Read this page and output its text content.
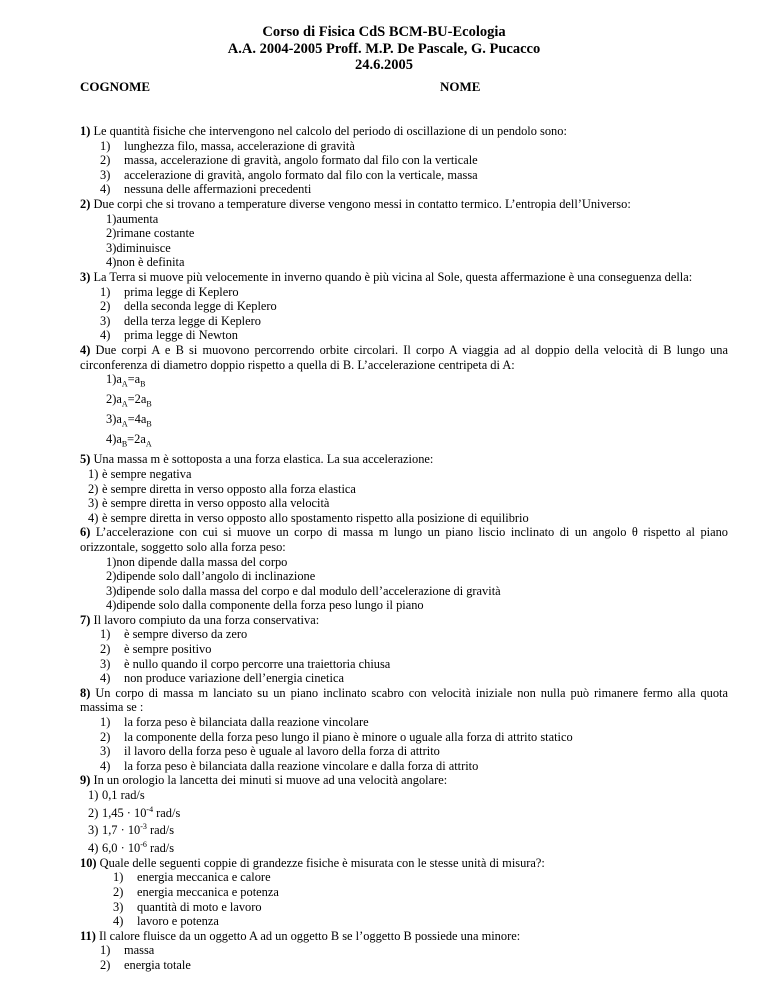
Corso di Fisica CdS BCM-BU-Ecologia
A.A. 2004-2005 Proff. M.P. De Pascale, G. Pucacco
24.6.2005
COGNOME	NOME
1) Le quantità fisiche che intervengono nel calcolo del periodo di oscillazione di un pendolo sono:
1) lunghezza filo, massa, accelerazione di gravità
2) massa, accelerazione di gravità, angolo formato dal filo con la verticale
3) accelerazione di gravità, angolo formato dal filo con la verticale, massa
4) nessuna delle affermazioni precedenti
2) Due corpi che si trovano a temperature diverse vengono messi in contatto termico. L’entropia dell’Universo:
1)aumenta
2)rimane costante
3)diminuisce
4)non è definita
3) La Terra si muove più velocemente in inverno quando è più vicina al Sole, questa affermazione è una conseguenza della:
1) prima legge di Keplero
2) della seconda legge di Keplero
3) della terza legge di Keplero
4) prima legge di Newton
4) Due corpi A e B si muovono percorrendo orbite circolari. Il corpo A viaggia ad al doppio della velocità di B lungo una circonferenza di diametro doppio rispetto a quella di B. L’accelerazione centripeta di A:
$1)a_A=a_B$
$2)a_A=2a_B$
$3)a_A=4a_B$
$4)a_B=2a_A$
5) Una massa m è sottoposta a una forza elastica. La sua accelerazione:
1) è sempre negativa
2) è sempre diretta in verso opposto alla forza elastica
3) è sempre diretta in verso opposto alla velocità
4) è sempre diretta in verso opposto allo spostamento rispetto alla posizione di equilibrio
6) L’accelerazione con cui si muove un corpo di massa m lungo un piano liscio inclinato di un angolo θ rispetto al piano orizzontale, soggetto solo alla forza peso:
1)non dipende dalla massa del corpo
2)dipende solo dall’angolo di inclinazione
3)dipende solo dalla massa del corpo e dal modulo dell’accelerazione di gravità
4)dipende solo dalla componente della forza peso lungo il piano
7) Il lavoro compiuto da una forza conservativa:
1) è sempre diverso da zero
2) è sempre positivo
3) è nullo quando il corpo percorre una traiettoria chiusa
4) non produce variazione dell’energia cinetica
8) Un corpo di massa m lanciato su un piano inclinato scabro con velocità iniziale non nulla può rimanere fermo alla quota massima se :
1) la forza peso è bilanciata dalla reazione vincolare
2) la componente della forza peso lungo il piano è minore o uguale alla forza di attrito statico
3) il lavoro della forza peso è uguale al lavoro della forza di attrito
4) la forza peso è bilanciata dalla reazione vincolare e dalla forza di attrito
9) In un orologio la lancetta dei minuti si muove ad una velocità angolare:
1) 0,1 rad/s
2) $1,45 \cdot 10^{-4}$ rad/s
3) $1,7 \cdot 10^{-3}$ rad/s
4) $6,0 \cdot 10^{-6}$ rad/s
10) Quale delle seguenti coppie di grandezze fisiche è misurata con le stesse unità di misura?:
1) energia meccanica e calore
2) energia meccanica e potenza
3) quantità di moto e lavoro
4) lavoro e potenza
11) Il calore fluisce da un oggetto A ad un oggetto B se l’oggetto B possiede una minore:
1) massa
2) energia totale
